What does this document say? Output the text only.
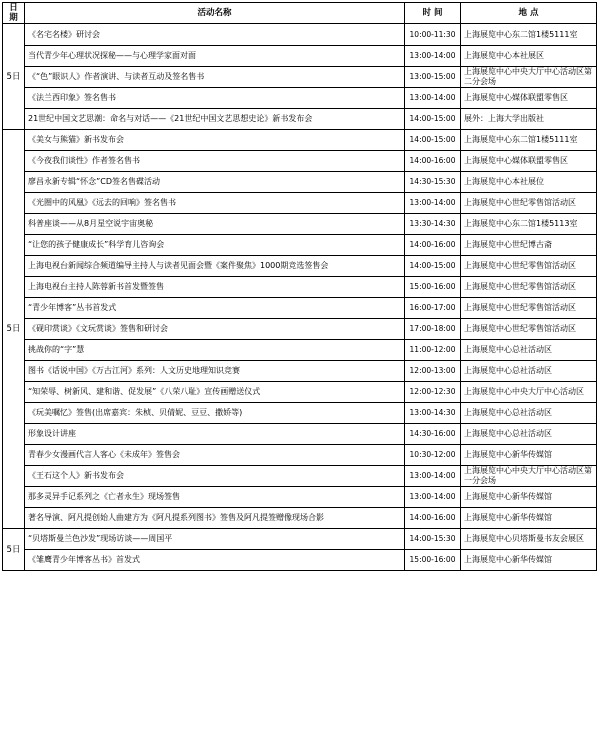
日期	活动名称	时 间	地 点
5日	《名宅名楼》研讨会	10:00-11:30	上海展览中心东二馆1楼5111室
	当代青少年心理状况探秘——与心理学家面对面	13:00-14:00	上海展览中心本社展区
	《“色”眼识人》作者演讲、与读者互动及签名售书	13:00-15:00	上海展览中心中央大厅中心活动区第二分会场
	《法兰西印象》签名售书	13:00-14:00	上海展览中心媒体联盟零售区
	21世纪中国文艺思潮：命名与对话——《21世纪中国文艺思想史论》新书发布会	14:00-15:00	展外：上海大学出版社
5日	《美女与熊猫》新书发布会	14:00-15:00	上海展览中心东二馆1楼5111室
	《今夜我们谈性》作者签名售书	14:00-16:00	上海展览中心媒体联盟零售区
	廖昌永新专辑“怀念”CD签名售碟活动	14:30-15:30	上海展览中心本社展位
	《光圈中的风凰》《远去的回响》签名售书	13:00-14:00	上海展览中心世纪零售馆活动区
	科普座谈——从8月星空说宇宙奥秘	13:30-14:30	上海展览中心东二馆1楼5113室
	“让您的孩子健康成长”科学育儿咨询会	14:00-16:00	上海展览中心世纪博古斋
	上海电视台新闻综合频道编导主持人与读者见面会暨《案件聚焦》1000期竞选签售会	14:00-15:00	上海展览中心世纪零售馆活动区
	上海电视台主持人陈蓉新书首发暨签售	15:00-16:00	上海展览中心世纪零售馆活动区
	“青少年博客”丛书首发式	16:00-17:00	上海展览中心世纪零售馆活动区
	《砚印赏谈》《文玩赏谈》签售和研讨会	17:00-18:00	上海展览中心世纪零售馆活动区
	挑战你的“字”慧	11:00-12:00	上海展览中心总社活动区
	图书《话说中国》《万古江河》系列：人文历史地理知识竞赛	12:00-13:00	上海展览中心总社活动区
	“知荣辱、树新风、建和谐、促发展”《八荣八耻》宣传画赠送仪式	12:00-12:30	上海展览中心中央大厅中心活动区
	《玩美嘱忆》签售(出席嘉宾：朱桢、贝倩妮、豆豆、撒娇等)	13:00-14:30	上海展览中心总社活动区
	形象设计讲座	14:30-16:00	上海展览中心总社活动区
	青春少女漫画代言人客心《未成年》签售会	10:30-12:00	上海展览中心新华传媒馆
	《王石这个人》新书发布会	13:00-14:00	上海展览中心中央大厅中心活动区第一分会场
	那多灵异手记系列之《亡者永生》现场签售	13:00-14:00	上海展览中心新华传媒馆
	著名导演、阿凡提创始人曲建方为《阿凡提系列图书》签售及阿凡提签赠像现场合影	14:00-16:00	上海展览中心新华传媒馆
5日	“贝塔斯曼兰色沙发”现场访谈——周国平	14:00-15:30	上海展览中心贝塔斯曼书友会展区
	《雏鹰青少年博客丛书》首发式	15:00-16:00	上海展览中心新华传媒馆
